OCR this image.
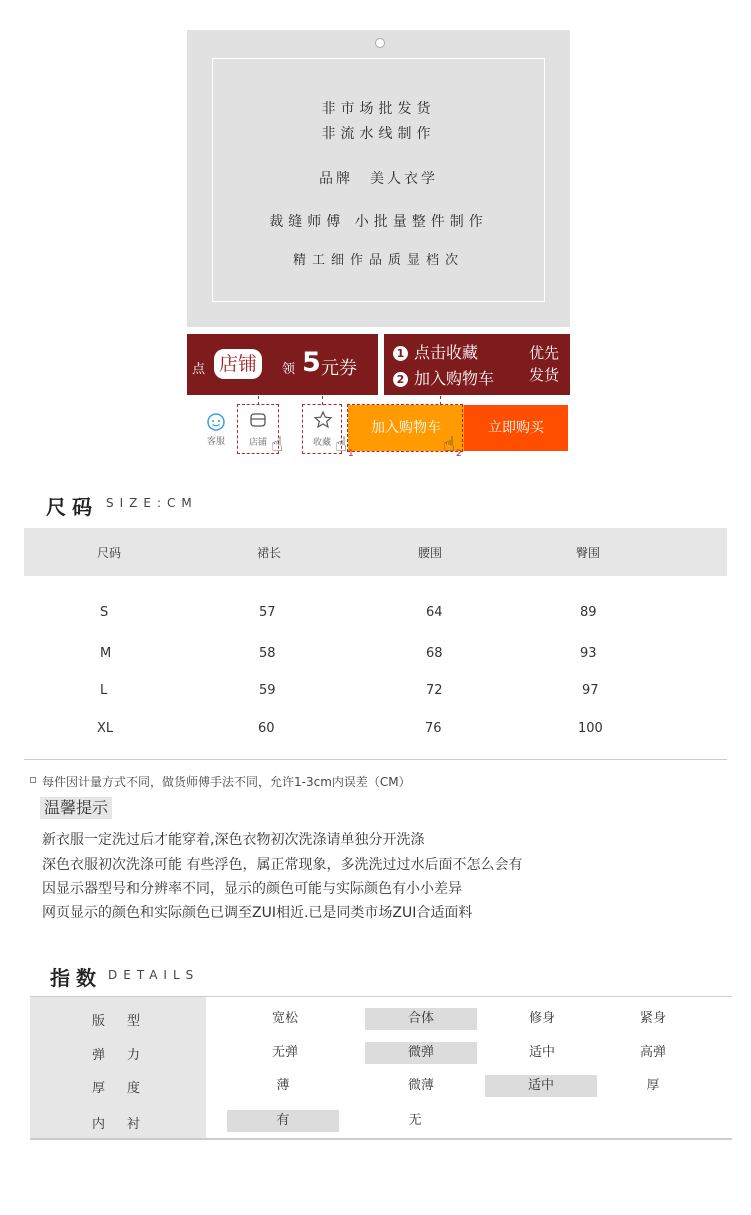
非市场批发货
非流水线制作
品牌　美人衣学
裁缝师傅 小批量整件制作
精工细作品质显档次
点 店铺	领 5 元券
1 点击收藏
2 加入购物车
优先
发货
客服	店铺	收藏
加入购物车	立即购买
☝	☝ 1	☝ 2
尺码 SIZE:CM
尺码	裙长	腰围	臀围
S	57	64	89
M	58	68	93
L	59	72	97
XL	60	76	100
每件因计量方式不同，做货师傅手法不同，允许1-3cm内误差（CM）
温馨提示
新衣服一定洗过后才能穿着,深色衣物初次洗涤请单独分开洗涤
深色衣服初次洗涤可能 有些浮色，属正常现象，多洗洗过过水后面不怎么会有
因显示器型号和分辨率不同，显示的颜色可能与实际颜色有小小差异
网页显示的颜色和实际颜色已调至ZUI相近.已是同类市场ZUI合适面料
指数 DETAILS
版型	宽松	合体	修身	紧身
弹力	无弹	微弹	适中	高弹
厚度	薄	微薄	适中	厚
内衬	有	无
